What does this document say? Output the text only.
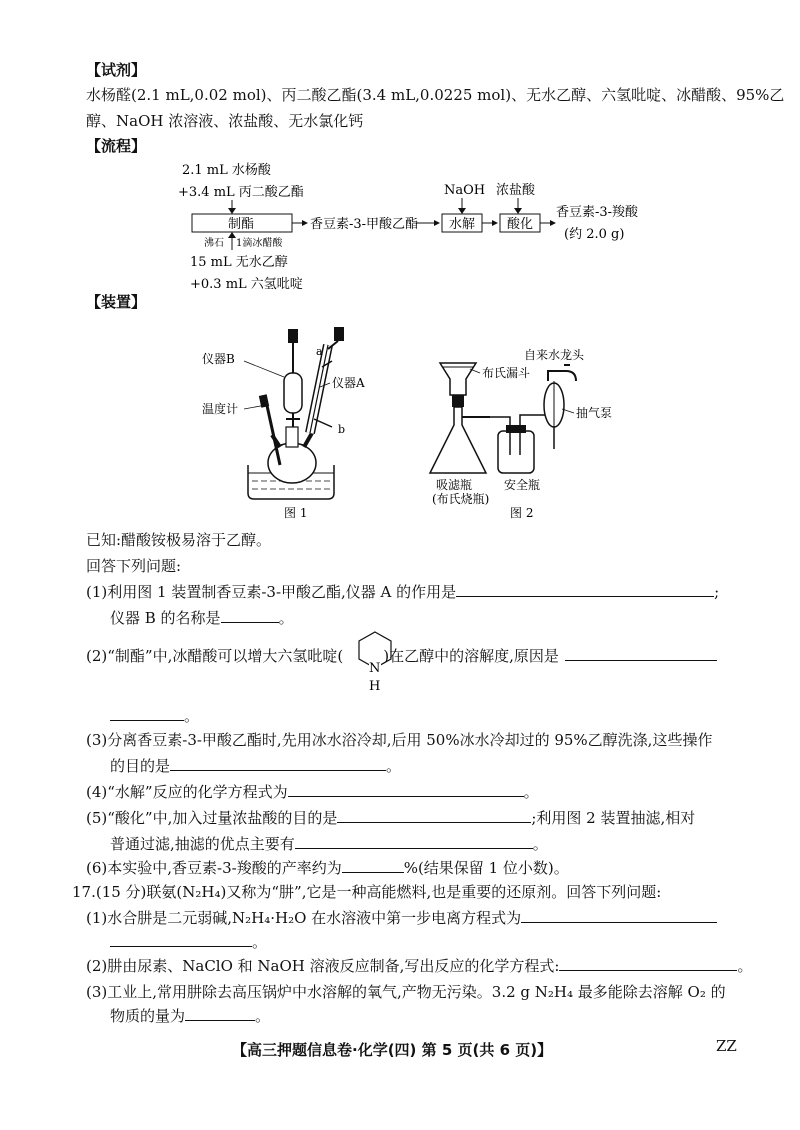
【试剂】
水杨醛(2.1 mL,0.02 mol)、丙二酸乙酯(3.4 mL,0.0225 mol)、无水乙醇、六氢吡啶、冰醋酸、95%乙
醇、NaOH 浓溶液、浓盐酸、无水氯化钙
【流程】
2.1 mL 水杨酸
+3.4 mL 丙二酸乙酯
制酯	香豆素-3-甲酸乙酯
NaOH
水解
浓盐酸
酸化
香豆素-3-羧酸
(约 2.0 g)
沸石 1滴冰醋酸
15 mL 无水乙醇
+0.3 mL 六氢吡啶
【装置】
仪器B
仪器A
温度计
a
b
图 1
布氏漏斗
自来水龙头
抽气泵
吸滤瓶
(布氏烧瓶)
安全瓶
图 2
已知:醋酸铵极易溶于乙醇。
回答下列问题:
(1)利用图 1 装置制香豆素-3-甲酸乙酯,仪器 A 的作用是	;
仪器 B 的名称是	。
(2)“制酯”中,冰醋酸可以增大六氢吡啶(	)在乙醇中的溶解度,原因是
N
H
。
(3)分离香豆素-3-甲酸乙酯时,先用冰水浴冷却,后用 50%冰水冷却过的 95%乙醇洗涤,这些操作
的目的是	。
(4)“水解”反应的化学方程式为	。
(5)“酸化”中,加入过量浓盐酸的目的是	;利用图 2 装置抽滤,相对
普通过滤,抽滤的优点主要有	。
(6)本实验中,香豆素-3-羧酸的产率约为	%(结果保留 1 位小数)。
17.(15 分)联氨(N₂H₄)又称为“肼”,它是一种高能燃料,也是重要的还原剂。回答下列问题:
(1)水合肼是二元弱碱,N₂H₄·H₂O 在水溶液中第一步电离方程式为
。
(2)肼由尿素、NaClO 和 NaOH 溶液反应制备,写出反应的化学方程式:	。
(3)工业上,常用肼除去高压锅炉中水溶解的氧气,产物无污染。3.2 g N₂H₄ 最多能除去溶解 O₂ 的
物质的量为	。
【高三押题信息卷·化学(四) 第 5 页(共 6 页)】	ZZ
